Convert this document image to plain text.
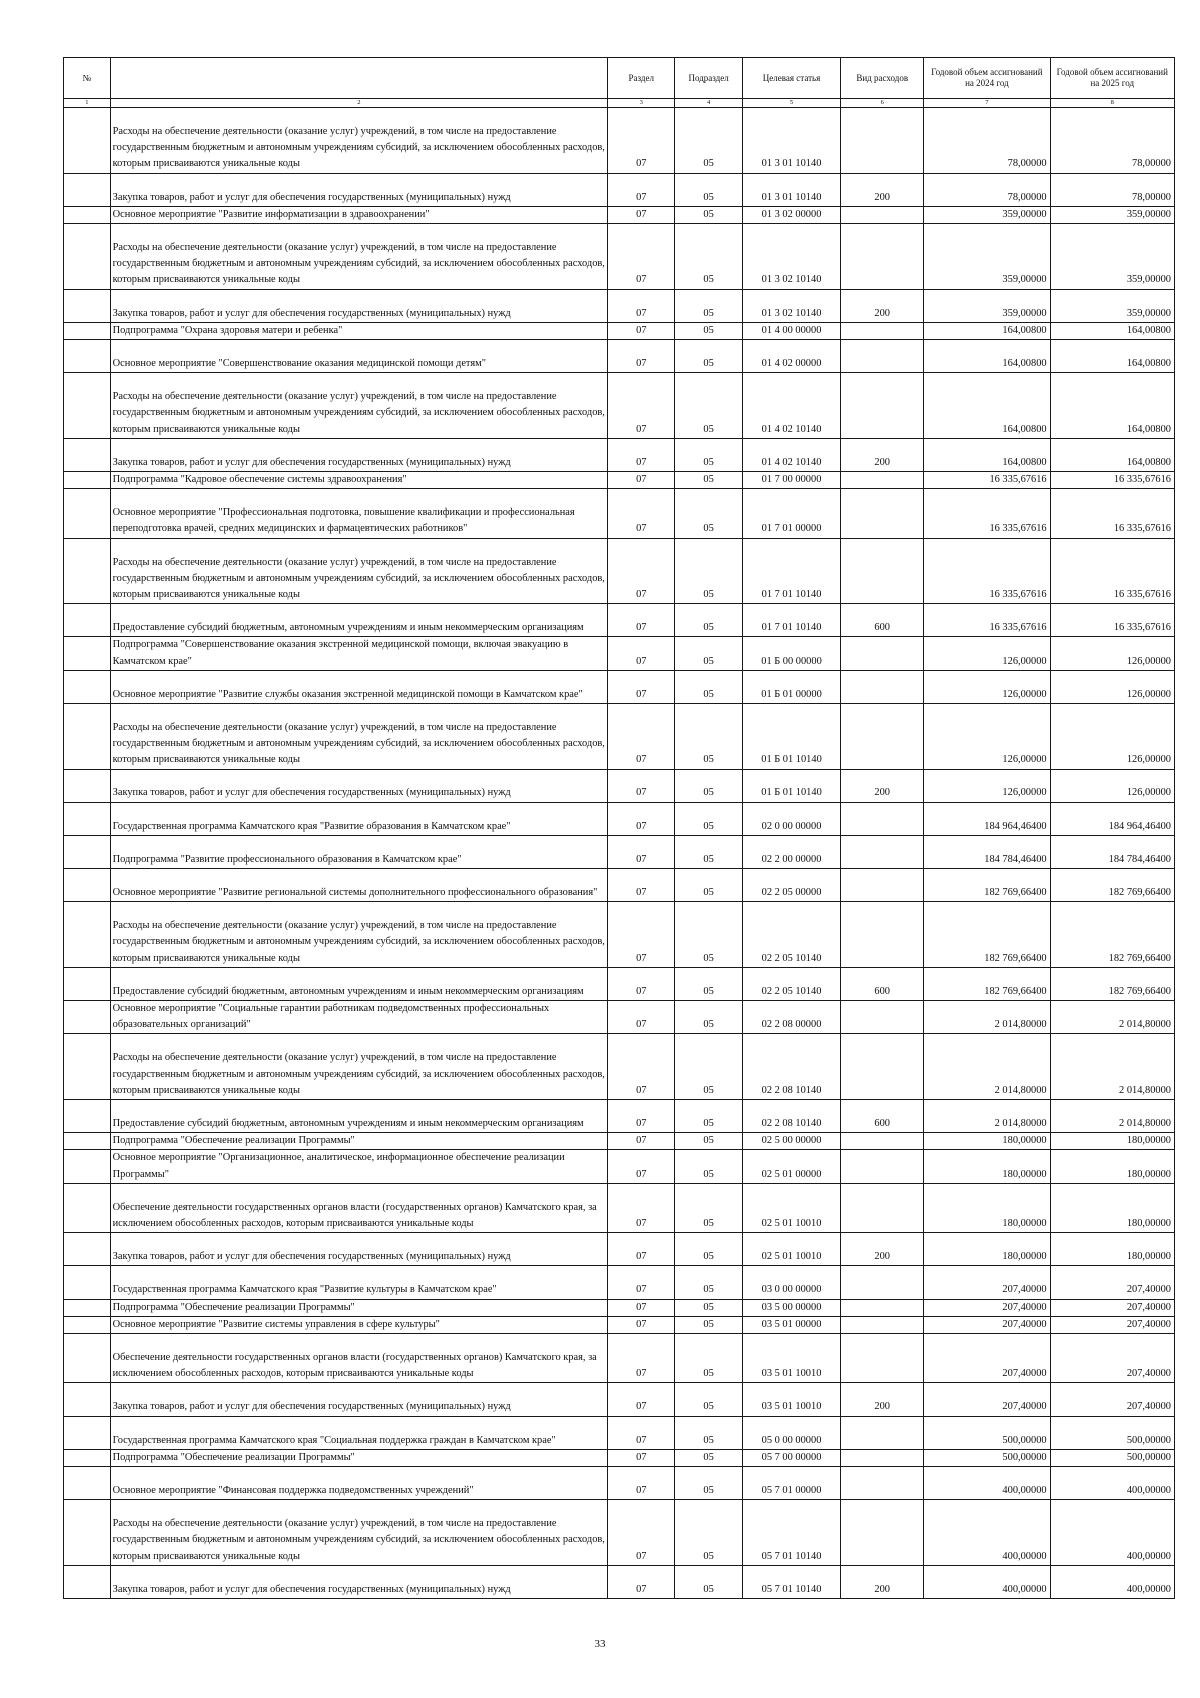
№		Раздел	Подраздел	Целевая статья	Вид расходов	Годовой объем ассигнований на 2024 год	Годовой объем ассигнований на 2025 год
1	2	3	4	5	6	7	8
	Расходы на обеспечение деятельности (оказание услуг) учреждений, в том числе на предоставление государственным бюджетным и автономным учреждениям субсидий, за исключением обособленных расходов, которым присваиваются уникальные коды	07	05	01 3 01 10140		78,00000	78,00000
	Закупка товаров, работ и услуг для обеспечения государственных (муниципальных) нужд	07	05	01 3 01 10140	200	78,00000	78,00000
	Основное мероприятие "Развитие информатизации в здравоохранении"	07	05	01 3 02 00000		359,00000	359,00000
	Расходы на обеспечение деятельности (оказание услуг) учреждений, в том числе на предоставление государственным бюджетным и автономным учреждениям субсидий, за исключением обособленных расходов, которым присваиваются уникальные коды	07	05	01 3 02 10140		359,00000	359,00000
	Закупка товаров, работ и услуг для обеспечения государственных (муниципальных) нужд	07	05	01 3 02 10140	200	359,00000	359,00000
	Подпрограмма "Охрана здоровья матери и ребенка"	07	05	01 4 00 00000		164,00800	164,00800
	Основное мероприятие "Совершенствование оказания медицинской помощи детям"	07	05	01 4 02 00000		164,00800	164,00800
	Расходы на обеспечение деятельности (оказание услуг) учреждений, в том числе на предоставление государственным бюджетным и автономным учреждениям субсидий, за исключением обособленных расходов, которым присваиваются уникальные коды	07	05	01 4 02 10140		164,00800	164,00800
	Закупка товаров, работ и услуг для обеспечения государственных (муниципальных) нужд	07	05	01 4 02 10140	200	164,00800	164,00800
	Подпрограмма "Кадровое обеспечение системы здравоохранения"	07	05	01 7 00 00000		16 335,67616	16 335,67616
	Основное мероприятие "Профессиональная подготовка, повышение квалификации и профессиональная переподготовка врачей, средних медицинских и фармацевтических работников"	07	05	01 7 01 00000		16 335,67616	16 335,67616
	Расходы на обеспечение деятельности (оказание услуг) учреждений, в том числе на предоставление государственным бюджетным и автономным учреждениям субсидий, за исключением обособленных расходов, которым присваиваются уникальные коды	07	05	01 7 01 10140		16 335,67616	16 335,67616
	Предоставление субсидий бюджетным, автономным учреждениям и иным некоммерческим организациям	07	05	01 7 01 10140	600	16 335,67616	16 335,67616
	Подпрограмма "Совершенствование оказания экстренной медицинской помощи, включая эвакуацию в Камчатском крае"	07	05	01 Б 00 00000		126,00000	126,00000
	Основное мероприятие "Развитие службы оказания экстренной медицинской помощи в Камчатском крае"	07	05	01 Б 01 00000		126,00000	126,00000
	Расходы на обеспечение деятельности (оказание услуг) учреждений, в том числе на предоставление государственным бюджетным и автономным учреждениям субсидий, за исключением обособленных расходов, которым присваиваются уникальные коды	07	05	01 Б 01 10140		126,00000	126,00000
	Закупка товаров, работ и услуг для обеспечения государственных (муниципальных) нужд	07	05	01 Б 01 10140	200	126,00000	126,00000
	Государственная программа Камчатского края "Развитие образования в Камчатском крае"	07	05	02 0 00 00000		184 964,46400	184 964,46400
	Подпрограмма "Развитие профессионального образования в Камчатском крае"	07	05	02 2 00 00000		184 784,46400	184 784,46400
	Основное мероприятие "Развитие региональной системы дополнительного профессионального образования"	07	05	02 2 05 00000		182 769,66400	182 769,66400
	Расходы на обеспечение деятельности (оказание услуг) учреждений, в том числе на предоставление государственным бюджетным и автономным учреждениям субсидий, за исключением обособленных расходов, которым присваиваются уникальные коды	07	05	02 2 05 10140		182 769,66400	182 769,66400
	Предоставление субсидий бюджетным, автономным учреждениям и иным некоммерческим организациям	07	05	02 2 05 10140	600	182 769,66400	182 769,66400
	Основное мероприятие "Социальные гарантии работникам подведомственных профессиональных образовательных организаций"	07	05	02 2 08 00000		2 014,80000	2 014,80000
	Расходы на обеспечение деятельности (оказание услуг) учреждений, в том числе на предоставление государственным бюджетным и автономным учреждениям субсидий, за исключением обособленных расходов, которым присваиваются уникальные коды	07	05	02 2 08 10140		2 014,80000	2 014,80000
	Предоставление субсидий бюджетным, автономным учреждениям и иным некоммерческим организациям	07	05	02 2 08 10140	600	2 014,80000	2 014,80000
	Подпрограмма "Обеспечение реализации Программы"	07	05	02 5 00 00000		180,00000	180,00000
	Основное мероприятие "Организационное, аналитическое, информационное обеспечение реализации Программы"	07	05	02 5 01 00000		180,00000	180,00000
	Обеспечение деятельности государственных органов власти (государственных органов) Камчатского края, за исключением обособленных расходов, которым присваиваются уникальные коды	07	05	02 5 01 10010		180,00000	180,00000
	Закупка товаров, работ и услуг для обеспечения государственных (муниципальных) нужд	07	05	02 5 01 10010	200	180,00000	180,00000
	Государственная программа Камчатского края "Развитие культуры в Камчатском крае"	07	05	03 0 00 00000		207,40000	207,40000
	Подпрограмма "Обеспечение реализации Программы"	07	05	03 5 00 00000		207,40000	207,40000
	Основное мероприятие "Развитие системы управления в сфере культуры"	07	05	03 5 01 00000		207,40000	207,40000
	Обеспечение деятельности государственных органов власти (государственных органов) Камчатского края, за исключением обособленных расходов, которым присваиваются уникальные коды	07	05	03 5 01 10010		207,40000	207,40000
	Закупка товаров, работ и услуг для обеспечения государственных (муниципальных) нужд	07	05	03 5 01 10010	200	207,40000	207,40000
	Государственная программа Камчатского края "Социальная поддержка граждан в Камчатском крае"	07	05	05 0 00 00000		500,00000	500,00000
	Подпрограмма "Обеспечение реализации Программы"	07	05	05 7 00 00000		500,00000	500,00000
	Основное мероприятие "Финансовая поддержка подведомственных учреждений"	07	05	05 7 01 00000		400,00000	400,00000
	Расходы на обеспечение деятельности (оказание услуг) учреждений, в том числе на предоставление государственным бюджетным и автономным учреждениям субсидий, за исключением обособленных расходов, которым присваиваются уникальные коды	07	05	05 7 01 10140		400,00000	400,00000
	Закупка товаров, работ и услуг для обеспечения государственных (муниципальных) нужд	07	05	05 7 01 10140	200	400,00000	400,00000
33
